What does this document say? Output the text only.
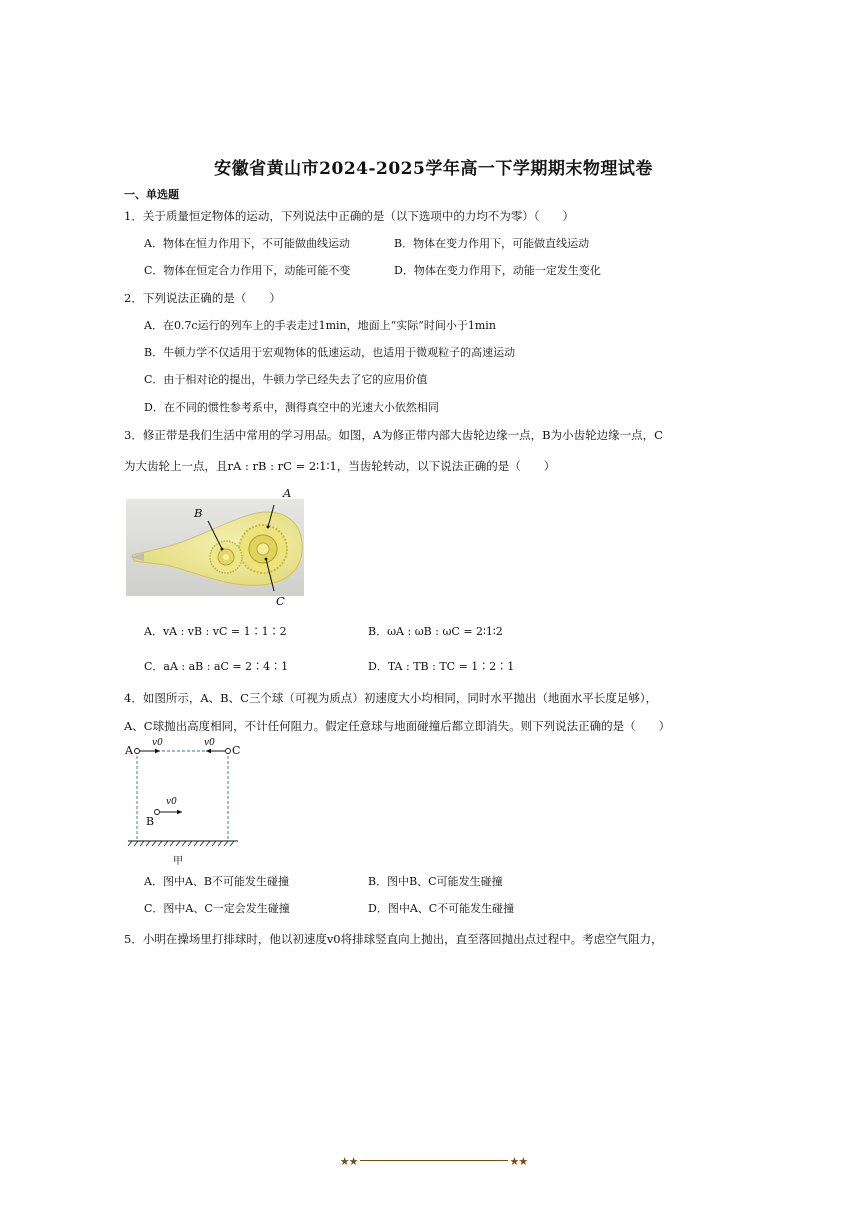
安徽省黄山市2024-2025学年高一下学期期末物理试卷
一、单选题
1．关于质量恒定物体的运动，下列说法中正确的是（以下选项中的力均不为零）（　　）
A．物体在恒力作用下，不可能做曲线运动	B．物体在变力作用下，可能做直线运动
C．物体在恒定合力作用下，动能可能不变	D．物体在变力作用下，动能一定发生变化
2．下列说法正确的是（　　）
A．在0.7c运行的列车上的手表走过1min，地面上“实际”时间小于1min
B．牛顿力学不仅适用于宏观物体的低速运动，也适用于微观粒子的高速运动
C．由于相对论的提出，牛顿力学已经失去了它的应用价值
D．在不同的惯性参考系中，测得真空中的光速大小依然相同
3．修正带是我们生活中常用的学习用品。如图，A为修正带内部大齿轮边缘一点，B为小齿轮边缘一点，C
为大齿轮上一点，且rA : rB : rC = 2∶1∶1，当齿轮转动，以下说法正确的是（　　）
A
B
C
A．vA : vB : vC = 1∶1∶2	B．ωA : ωB : ωC = 2∶1∶2
C．aA : aB : aC = 2∶4∶1	D．TA : TB : TC = 1∶2∶1
4．如图所示，A、B、C三个球（可视为质点）初速度大小均相同，同时水平抛出（地面水平长度足够），
A、C球抛出高度相同，不计任何阻力。假定任意球与地面碰撞后都立即消失。则下列说法正确的是（　　）
A	C
B
v0	v0
v0
甲
A．图中A、B不可能发生碰撞	B．图中B、C可能发生碰撞
C．图中A、C一定会发生碰撞	D．图中A、C不可能发生碰撞
5．小明在操场里打排球时，他以初速度v0将排球竖直向上抛出，直至落回抛出点过程中。考虑空气阻力，
★★	★★
